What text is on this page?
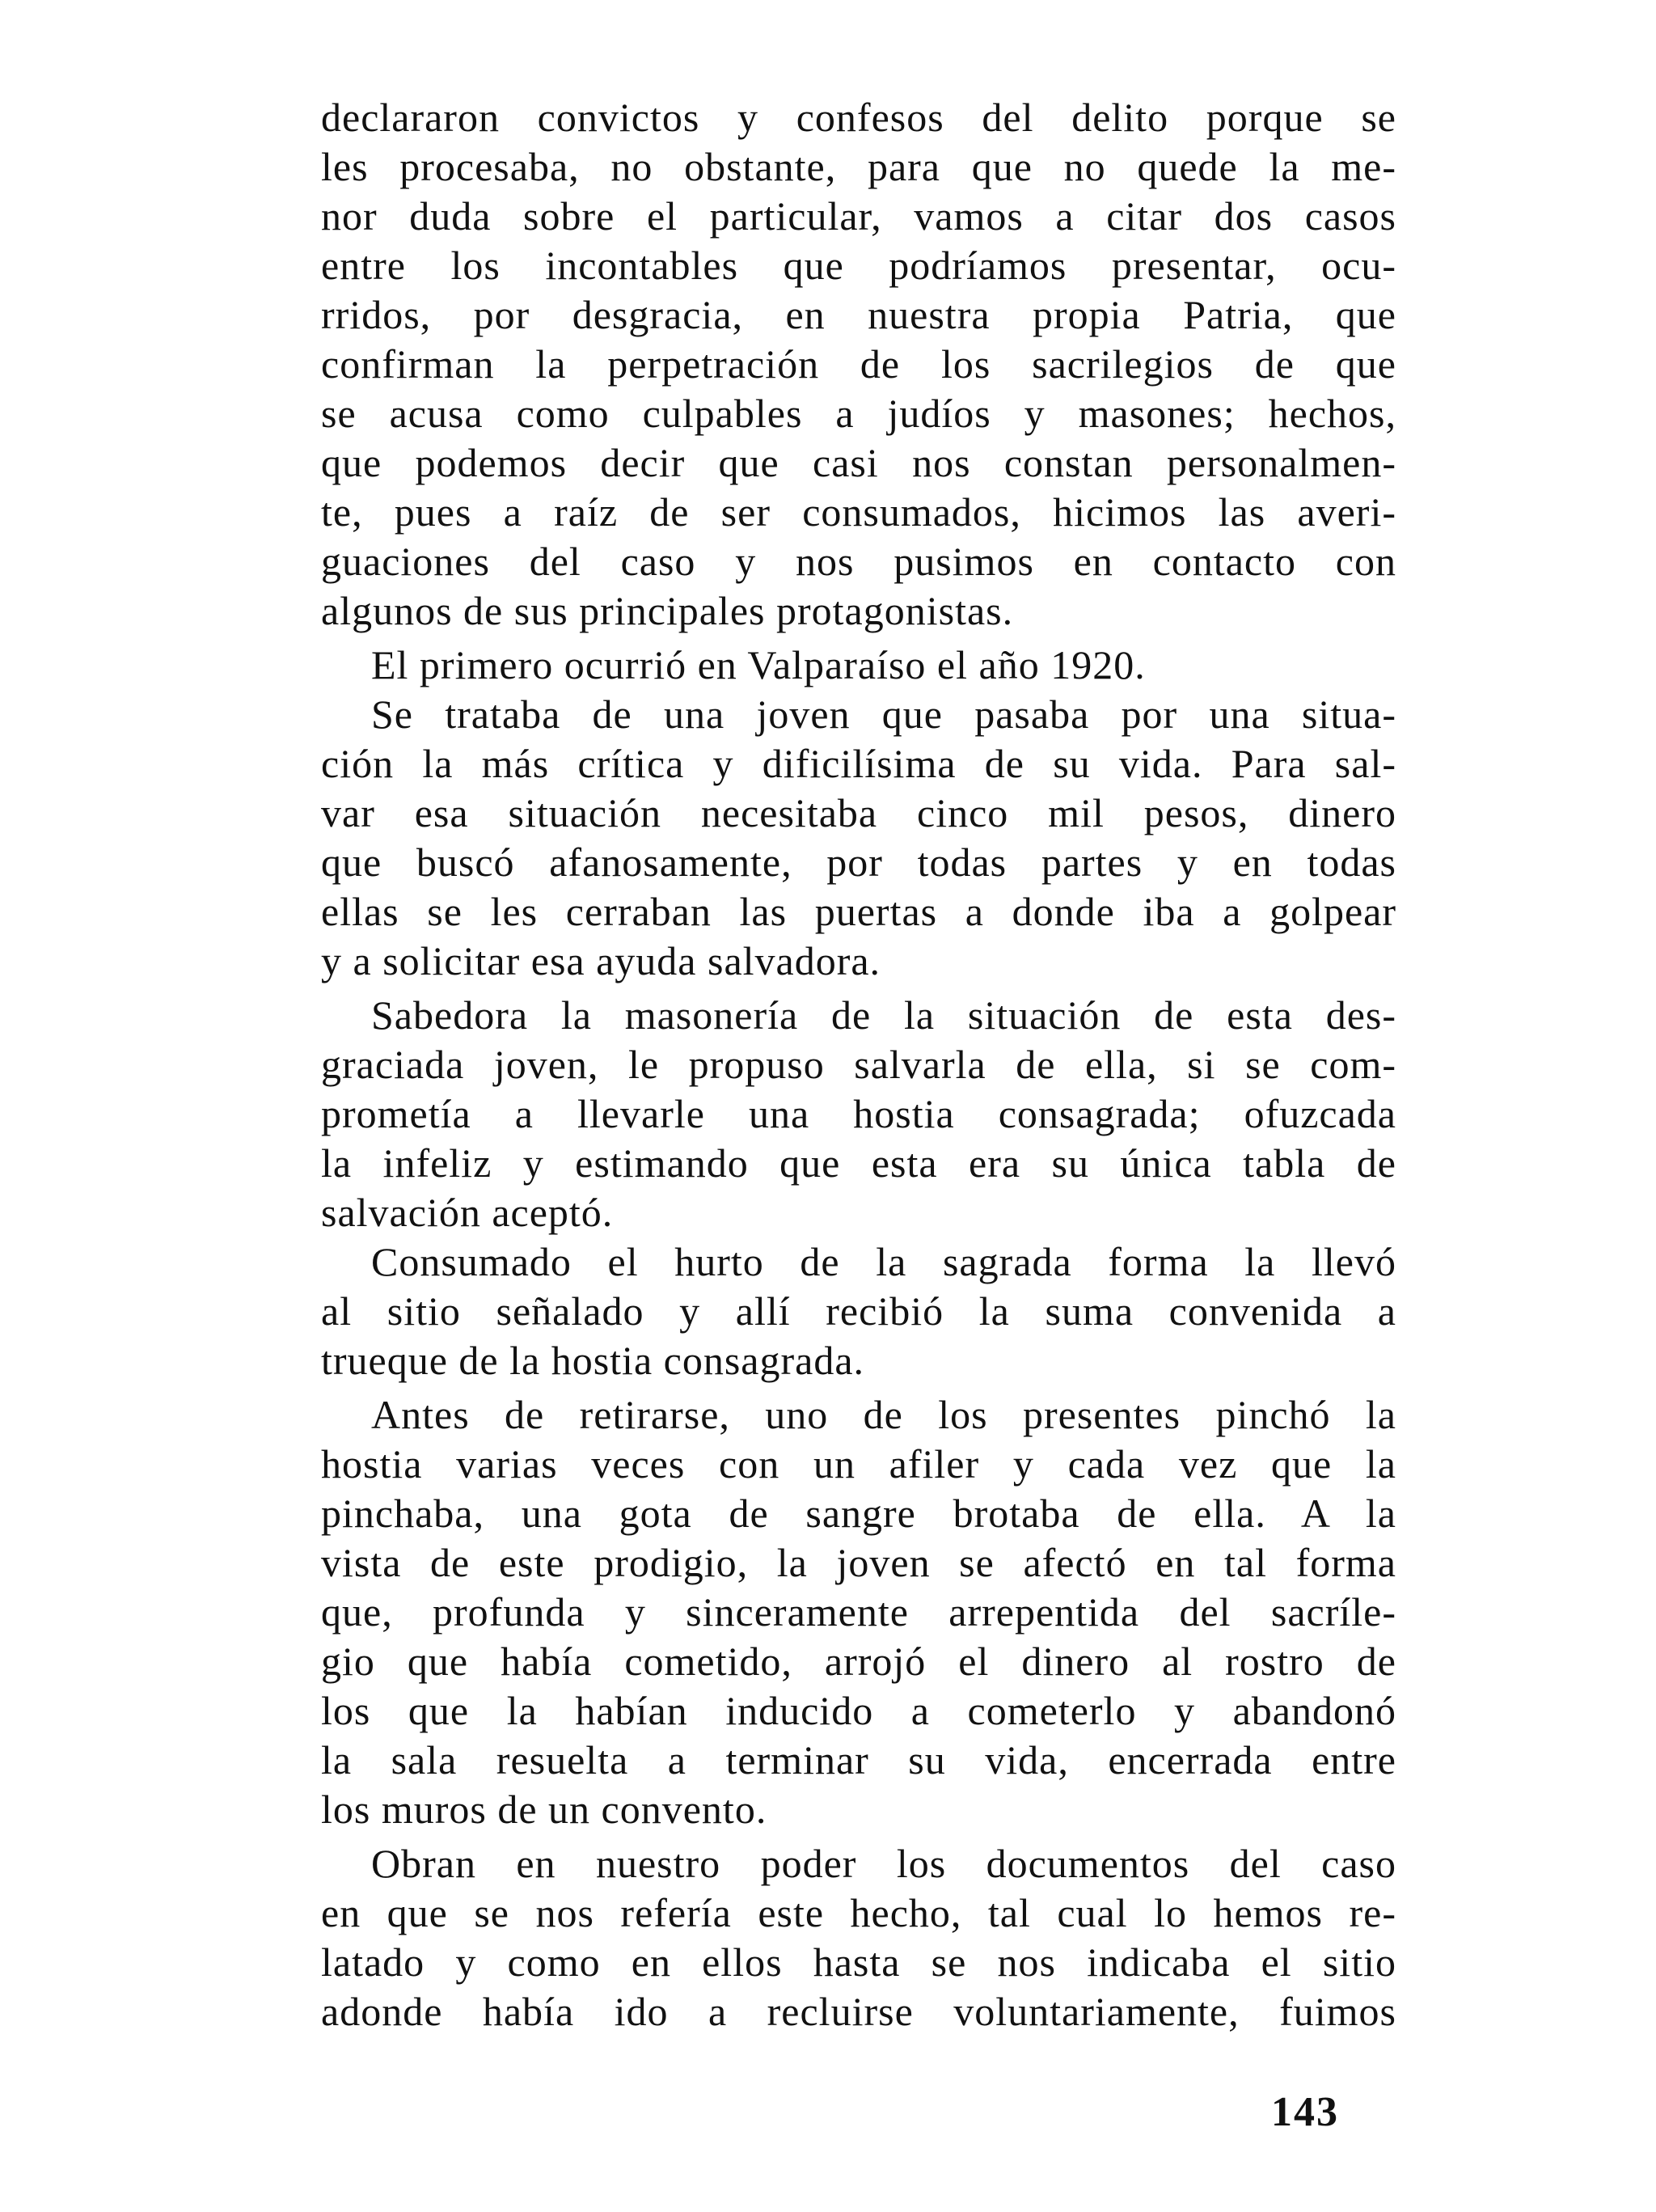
declararon convictos y confesos del delito porque se
les procesaba, no obstante, para que no quede la me-
nor duda sobre el particular, vamos a citar dos casos
entre los incontables que podríamos presentar, ocu-
rridos, por desgracia, en nuestra propia Patria, que
confirman la perpetración de los sacrilegios de que
se acusa como culpables a judíos y masones; hechos,
que podemos decir que casi nos constan personalmen-
te, pues a raíz de ser consumados, hicimos las averi-
guaciones del caso y nos pusimos en contacto con
algunos de sus principales protagonistas.
El primero ocurrió en Valparaíso el año 1920.
Se trataba de una joven que pasaba por una situa-
ción la más crítica y dificilísima de su vida. Para sal-
var esa situación necesitaba cinco mil pesos, dinero
que buscó afanosamente, por todas partes y en todas
ellas se les cerraban las puertas a donde iba a golpear
y a solicitar esa ayuda salvadora.
Sabedora la masonería de la situación de esta des-
graciada joven, le propuso salvarla de ella, si se com-
prometía a llevarle una hostia consagrada; ofuzcada
la infeliz y estimando que esta era su única tabla de
salvación aceptó.
Consumado el hurto de la sagrada forma la llevó
al sitio señalado y allí recibió la suma convenida a
trueque de la hostia consagrada.
Antes de retirarse, uno de los presentes pinchó la
hostia varias veces con un afiler y cada vez que la
pinchaba, una gota de sangre brotaba de ella. A la
vista de este prodigio, la joven se afectó en tal forma
que, profunda y sinceramente arrepentida del sacríle-
gio que había cometido, arrojó el dinero al rostro de
los que la habían inducido a cometerlo y abandonó
la sala resuelta a terminar su vida, encerrada entre
los muros de un convento.
Obran en nuestro poder los documentos del caso
en que se nos refería este hecho, tal cual lo hemos re-
latado y como en ellos hasta se nos indicaba el sitio
adonde había ido a recluirse voluntariamente, fuimos
143
